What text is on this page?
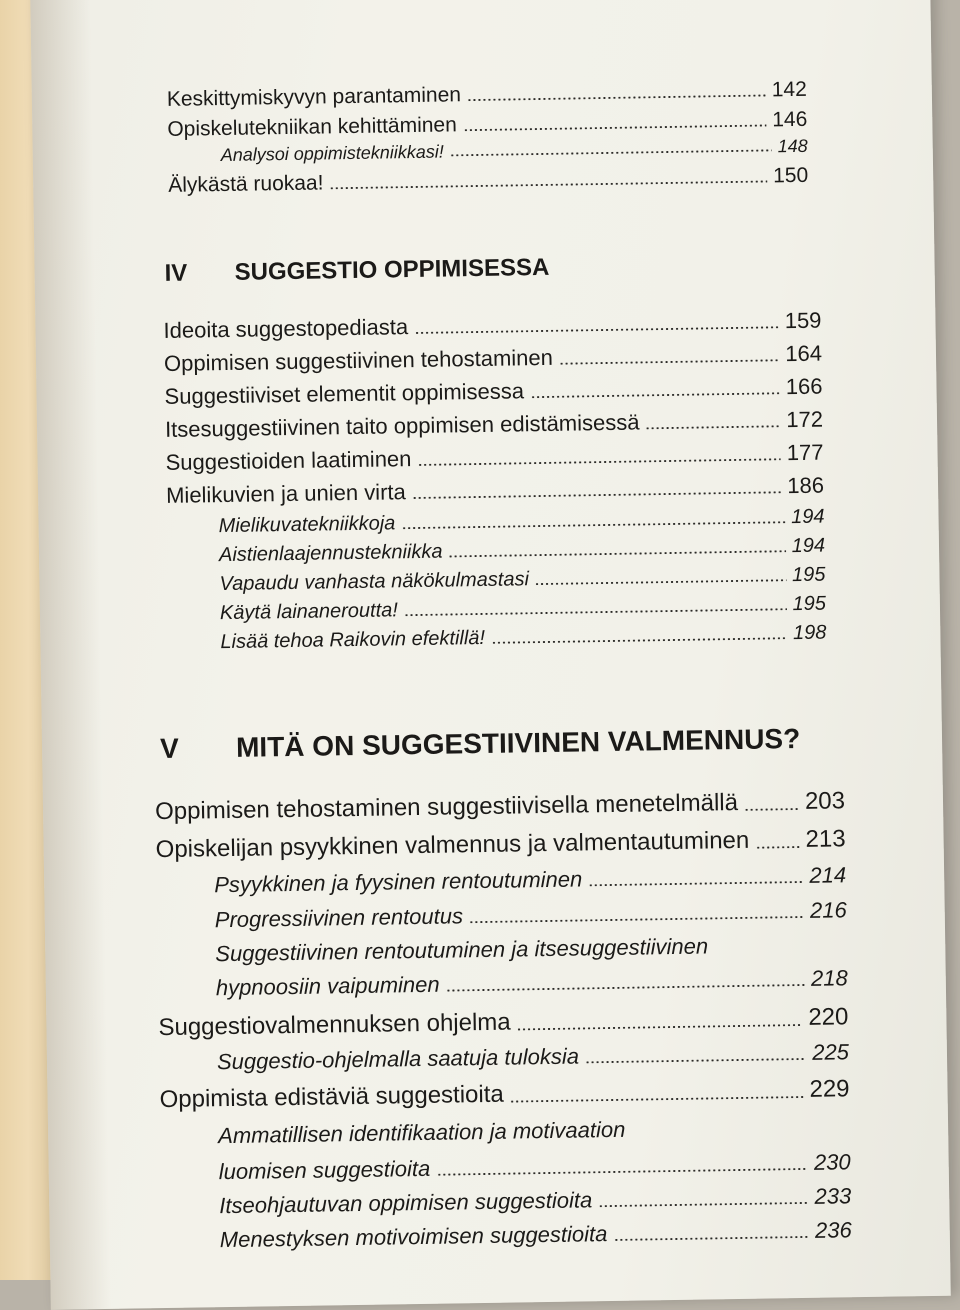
Keskittymiskyvyn parantaminen	142
Opiskelutekniikan kehittäminen	146
Analysoi oppimistekniikkasi!	148
Älykästä ruokaa!	150
IV	SUGGESTIO OPPIMISESSA
Ideoita suggestopediasta	159
Oppimisen suggestiivinen tehostaminen	164
Suggestiiviset elementit oppimisessa	166
Itsesuggestiivinen taito oppimisen edistämisessä	172
Suggestioiden laatiminen	177
Mielikuvien ja unien virta	186
Mielikuvatekniikkoja	194
Aistienlaajennustekniikka	194
Vapaudu vanhasta näkökulmastasi	195
Käytä lainaneroutta!	195
Lisää tehoa Raikovin efektillä!	198
V	MITÄ ON SUGGESTIIVINEN VALMENNUS?
Oppimisen tehostaminen suggestiivisella menetelmällä	203
Opiskelijan psyykkinen valmennus ja valmentautuminen 213
Psyykkinen ja fyysinen rentoutuminen	214
Progressiivinen rentoutus	216
Suggestiivinen rentoutuminen ja itsesuggestiivinen
hypnoosiin vaipuminen	218
Suggestiovalmennuksen ohjelma	220
Suggestio-ohjelmalla saatuja tuloksia	225
Oppimista edistäviä suggestioita	229
Ammatillisen identifikaation ja motivaation
luomisen suggestioita	230
Itseohjautuvan oppimisen suggestioita	233
Menestyksen motivoimisen suggestioita	236
